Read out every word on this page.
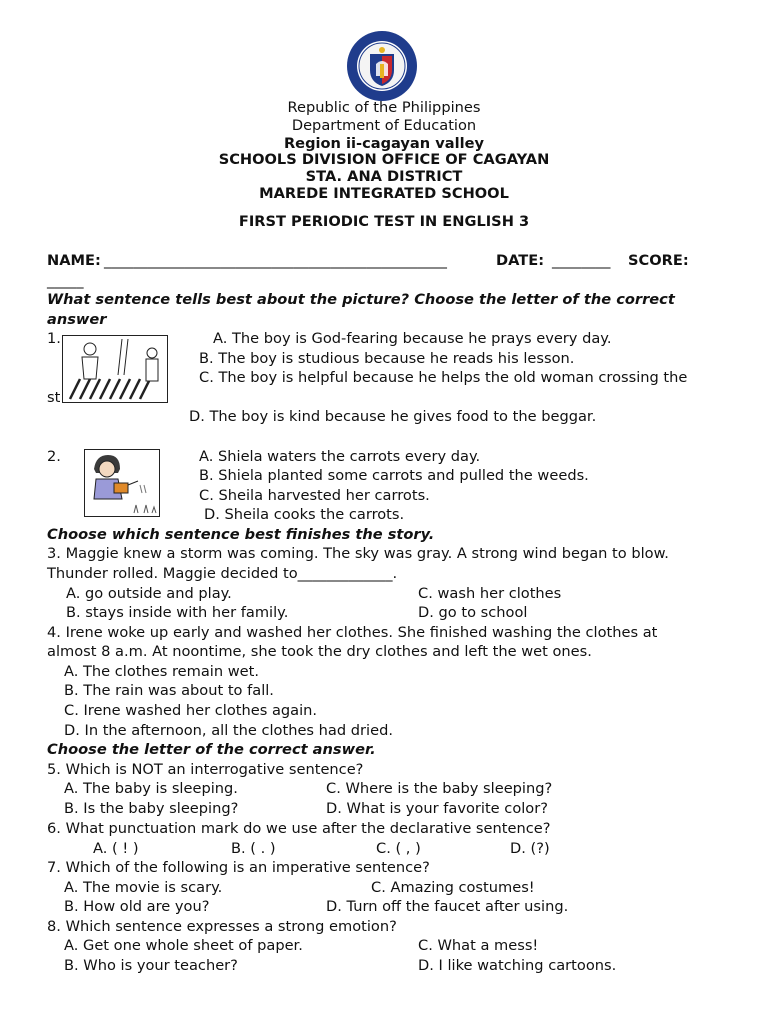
Republic of the Philippines
Department of Education
Region ii-cagayan valley
SCHOOLS DIVISION OFFICE OF CAGAYAN
STA. ANA DISTRICT
MAREDE INTEGRATED SCHOOL
FIRST PERIODIC TEST IN ENGLISH 3
NAME: _______________________________________________	DATE: ________ SCORE:
_____
What sentence tells best about the picture? Choose the letter of the correct
answer
1.	A. The boy is God-fearing because he prays every day.
B. The boy is studious because he reads his lesson.
C. The boy is helpful because he helps the old woman crossing the
st
D. The boy is kind because he gives food to the beggar.
2.	A. Shiela waters the carrots every day.
B. Shiela planted some carrots and pulled the weeds.
C. Sheila harvested her carrots.
D. Sheila cooks the carrots.
Choose which sentence best finishes the story.
3. Maggie knew a storm was coming. The sky was gray. A strong wind began to blow.
Thunder rolled. Maggie decided to_____________.
A. go outside and play.	C. wash her clothes
B. stays inside with her family.	D. go to school
4. Irene woke up early and washed her clothes. She finished washing the clothes at
almost 8 a.m. At noontime, she took the dry clothes and left the wet ones.
A. The clothes remain wet.
B. The rain was about to fall.
C. Irene washed her clothes again.
D. In the afternoon, all the clothes had dried.
Choose the letter of the correct answer.
5. Which is NOT an interrogative sentence?
A. The baby is sleeping.	C. Where is the baby sleeping?
B. Is the baby sleeping?	D. What is your favorite color?
6. What punctuation mark do we use after the declarative sentence?
A. ( ! )	B. ( . )	C. ( , )	D. (?)
7. Which of the following is an imperative sentence?
A. The movie is scary.	C. Amazing costumes!
B. How old are you?	D. Turn off the faucet after using.
8. Which sentence expresses a strong emotion?
A. Get one whole sheet of paper.	C. What a mess!
B. Who is your teacher?	D. I like watching cartoons.
